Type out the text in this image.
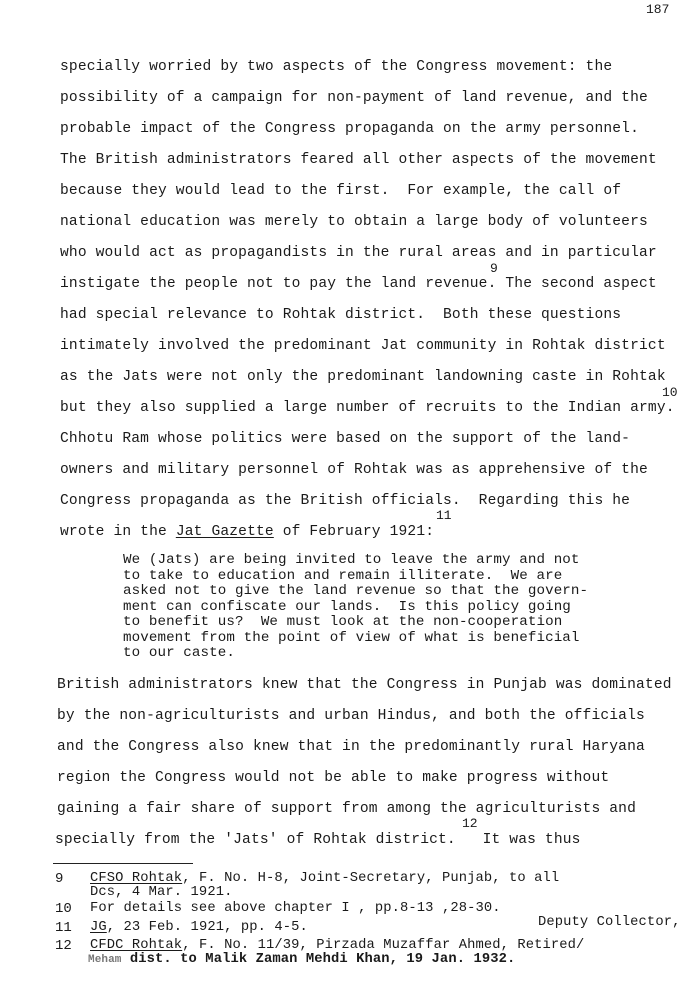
187
specially worried by two aspects of the Congress movement: the
possibility of a campaign for non-payment of land revenue, and the
probable impact of the Congress propaganda on the army personnel.
The British administrators feared all other aspects of the movement
because they would lead to the first.  For example, the call of
national education was merely to obtain a large body of volunteers
who would act as propagandists in the rural areas and in particular
9
instigate the people not to pay the land revenue. The second aspect
had special relevance to Rohtak district.  Both these questions
intimately involved the predominant Jat community in Rohtak district
as the Jats were not only the predominant landowning caste in Rohtak
10
but they also supplied a large number of recruits to the Indian army.
Chhotu Ram whose politics were based on the support of the land-
owners and military personnel of Rohtak was as apprehensive of the
Congress propaganda as the British officials.  Regarding this he
11
wrote in the Jat Gazette of February 1921:
We (Jats) are being invited to leave the army and not
to take to education and remain illiterate.  We are
asked not to give the land revenue so that the govern-
ment can confiscate our lands.  Is this policy going
to benefit us?  We must look at the non-cooperation
movement from the point of view of what is beneficial
to our caste.
British administrators knew that the Congress in Punjab was dominated
by the non-agriculturists and urban Hindus, and both the officials
and the Congress also knew that in the predominantly rural Haryana
region the Congress would not be able to make progress without
gaining a fair share of support from among the agriculturists and
12
specially from the 'Jats' of Rohtak district.   It was thus
9 CFSO Rohtak, F. No. H-8, Joint-Secretary, Punjab, to all
Dcs, 4 Mar. 1921.
10 For details see above chapter I , pp.8-13 ,28-30.
Deputy Collector,
11 JG, 23 Feb. 1921, pp. 4-5.
12 CFDC Rohtak, F. No. 11/39, Pirzada Muzaffar Ahmed, Retired/
Meham dist. to Malik Zaman Mehdi Khan, 19 Jan. 1932.
